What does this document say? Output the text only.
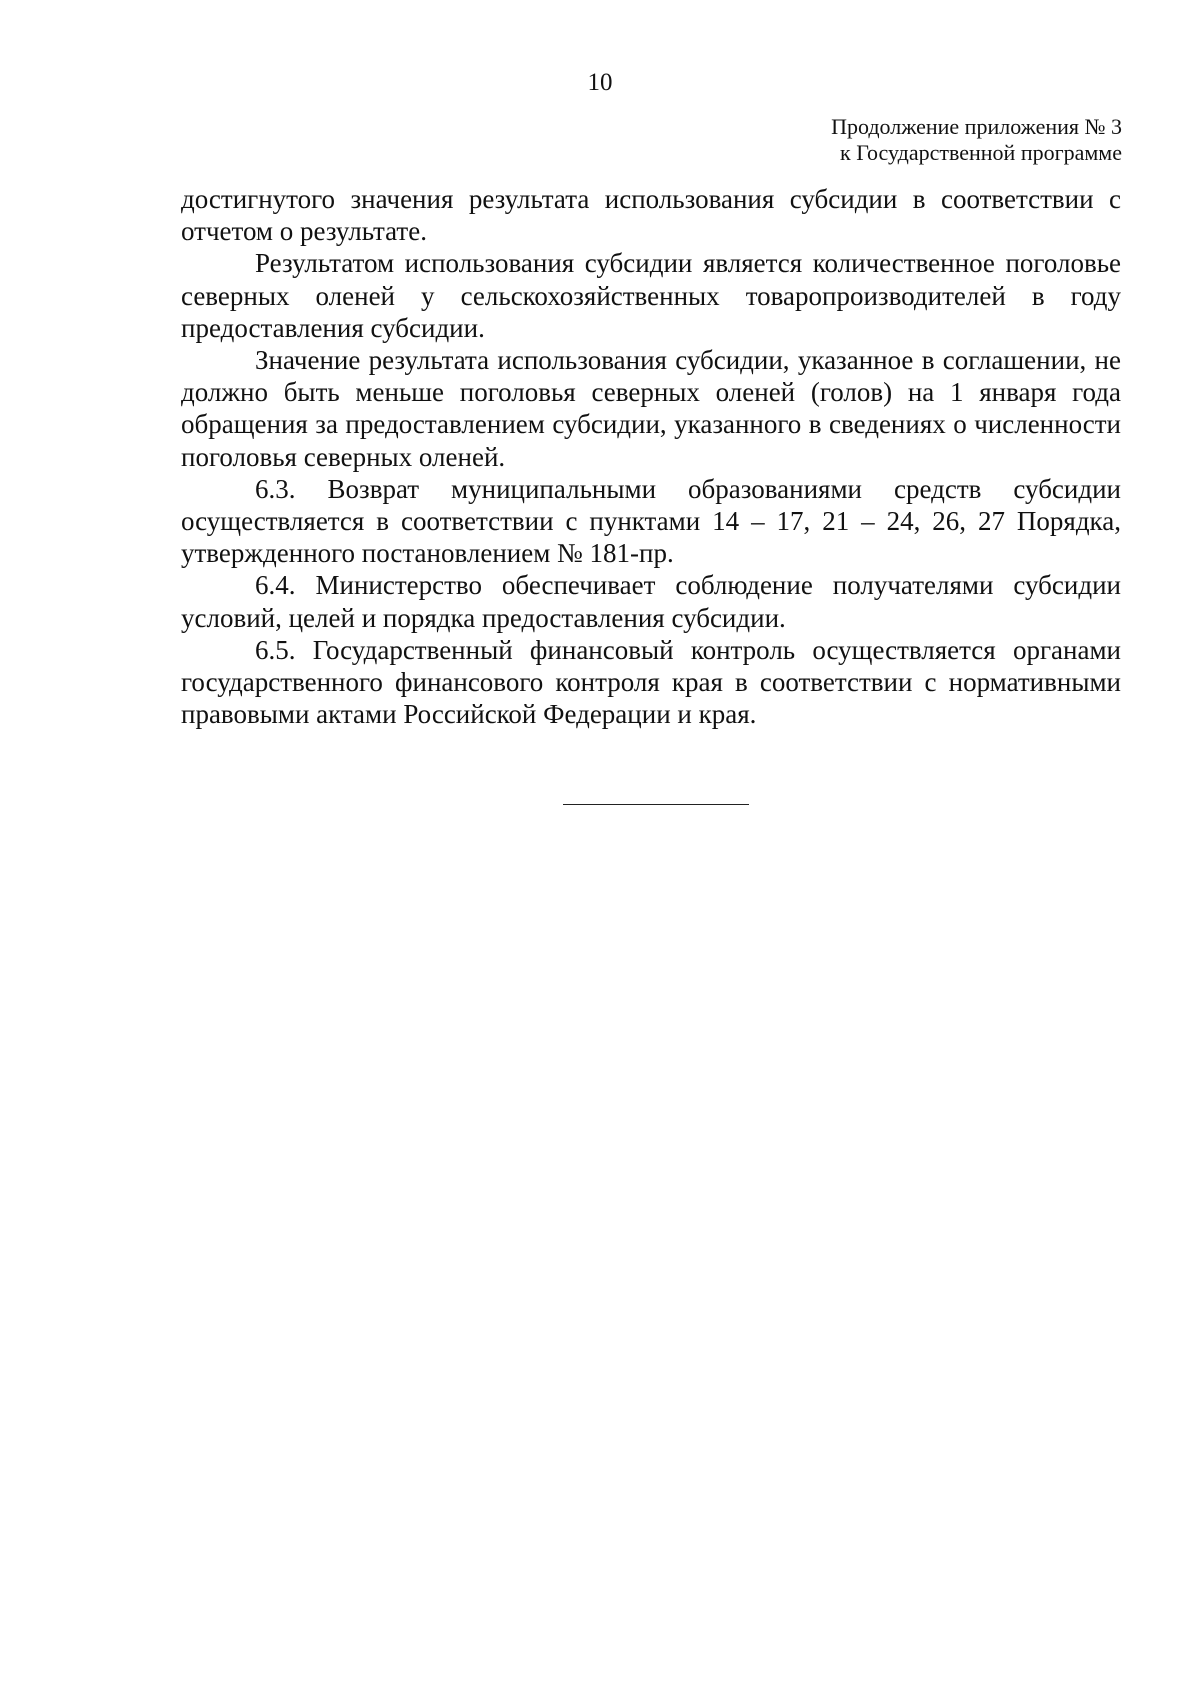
10
Продолжение приложения № 3
к Государственной программе

достигнутого значения результата использования субсидии в соответствии с отчетом о результате.

Результатом использования субсидии является количественное поголовье северных оленей у сельскохозяйственных товаропроизводителей в году предоставления субсидии.

Значение результата использования субсидии, указанное в соглашении, не должно быть меньше поголовья северных оленей (голов) на 1 января года обращения за предоставлением субсидии, указанного в сведениях о численности поголовья северных оленей.

6.3. Возврат муниципальными образованиями средств субсидии осуществляется в соответствии с пунктами 14 – 17, 21 – 24, 26, 27 Порядка, утвержденного постановлением № 181-пр.

6.4. Министерство обеспечивает соблюдение получателями субсидии условий, целей и порядка предоставления субсидии.

6.5. Государственный финансовый контроль осуществляется органами государственного финансового контроля края в соответствии с нормативными правовыми актами Российской Федерации и края.
